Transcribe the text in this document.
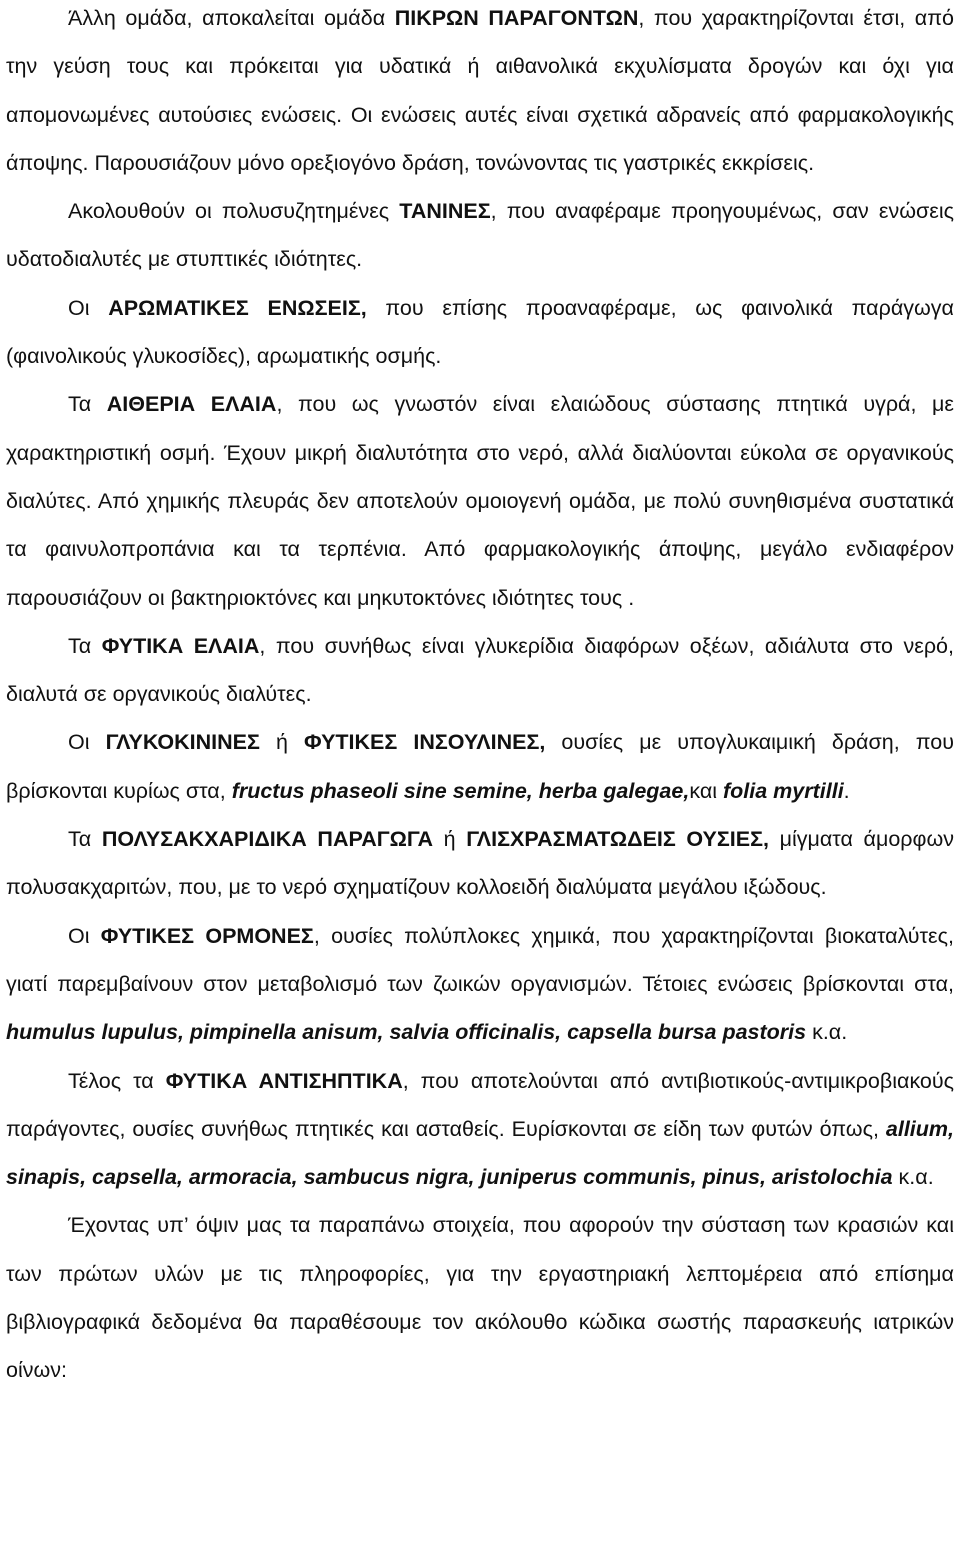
Άλλη ομάδα, αποκαλείται ομάδα ΠΙΚΡΩΝ ΠΑΡΑΓΟΝΤΩΝ, που χαρακτηρίζονται έτσι, από την γεύση τους και πρόκειται για υδατικά ή αιθανολικά εκχυλίσματα δρογών και όχι για απομονωμένες αυτούσιες ενώσεις. Οι ενώσεις αυτές είναι σχετικά αδρανείς από φαρμακολογικής άποψης. Παρουσιάζουν μόνο ορεξιογόνο δράση, τονώνοντας τις γαστρικές εκκρίσεις.

Ακολουθούν οι πολυσυζητημένες ΤΑΝΙΝΕΣ, που αναφέραμε προηγουμένως, σαν ενώσεις υδατοδιαλυτές με στυπτικές ιδιότητες.

Οι ΑΡΩΜΑΤΙΚΕΣ ΕΝΩΣΕΙΣ, που επίσης προαναφέραμε, ως φαινολικά παράγωγα (φαινολικούς γλυκοσίδες), αρωματικής οσμής.

Τα ΑΙΘΕΡΙΑ ΕΛΑΙΑ, που ως γνωστόν είναι ελαιώδους σύστασης πτητικά υγρά, με χαρακτηριστική οσμή. Έχουν μικρή διαλυτότητα στο νερό, αλλά διαλύονται εύκολα σε οργανικούς διαλύτες. Από χημικής πλευράς δεν αποτελούν ομοιογενή ομάδα, με πολύ συνηθισμένα συστατικά τα φαινυλοπροπάνια και τα τερπένια. Από φαρμακολογικής άποψης, μεγάλο ενδιαφέρον παρουσιάζουν οι βακτηριοκτόνες και μηκυτοκτόνες ιδιότητες τους .

Τα ΦΥΤΙΚΑ ΕΛΑΙΑ, που συνήθως είναι γλυκερίδια διαφόρων οξέων, αδιάλυτα στο νερό, διαλυτά σε οργανικούς διαλύτες.

Οι ΓΛΥΚΟΚΙΝΙΝΕΣ ή ΦΥΤΙΚΕΣ ΙΝΣΟΥΛΙΝΕΣ, ουσίες με υπογλυκαιμική δράση, που βρίσκονται κυρίως στα, fructus phaseoli sine semine, herba galegae,και folia myrtilli.

Τα ΠΟΛΥΣΑΚΧΑΡΙΔΙΚΑ ΠΑΡΑΓΩΓΑ ή ΓΛΙΣΧΡΑΣΜΑΤΩΔΕΙΣ ΟΥΣΙΕΣ, μίγματα άμορφων πολυσακχαριτών, που, με το νερό σχηματίζουν κολλοειδή διαλύματα μεγάλου ιξώδους.

Οι ΦΥΤΙΚΕΣ ΟΡΜΟΝΕΣ, ουσίες πολύπλοκες χημικά, που χαρακτηρίζονται βιοκαταλύτες, γιατί παρεμβαίνουν στον μεταβολισμό των ζωικών οργανισμών. Τέτοιες ενώσεις βρίσκονται στα, humulus lupulus, pimpinella anisum, salvia officinalis, capsella bursa pastoris κ.α.

Τέλος τα ΦΥΤΙΚΑ ΑΝΤΙΣΗΠΤΙΚΑ, που αποτελούνται από αντιβιοτικούς-αντιμικροβιακούς παράγοντες, ουσίες συνήθως πτητικές και ασταθείς. Ευρίσκονται σε είδη των φυτών όπως, allium, sinapis, capsella, armoracia, sambucus nigra, juniperus communis, pinus, aristolochia κ.α.

Έχοντας υπ’ όψιν μας τα παραπάνω στοιχεία, που αφορούν την σύσταση των κρασιών και των πρώτων υλών με τις πληροφορίες, για την εργαστηριακή λεπτομέρεια από επίσημα βιβλιογραφικά δεδομένα θα παραθέσουμε τον ακόλουθο κώδικα σωστής παρασκευής ιατρικών οίνων:
